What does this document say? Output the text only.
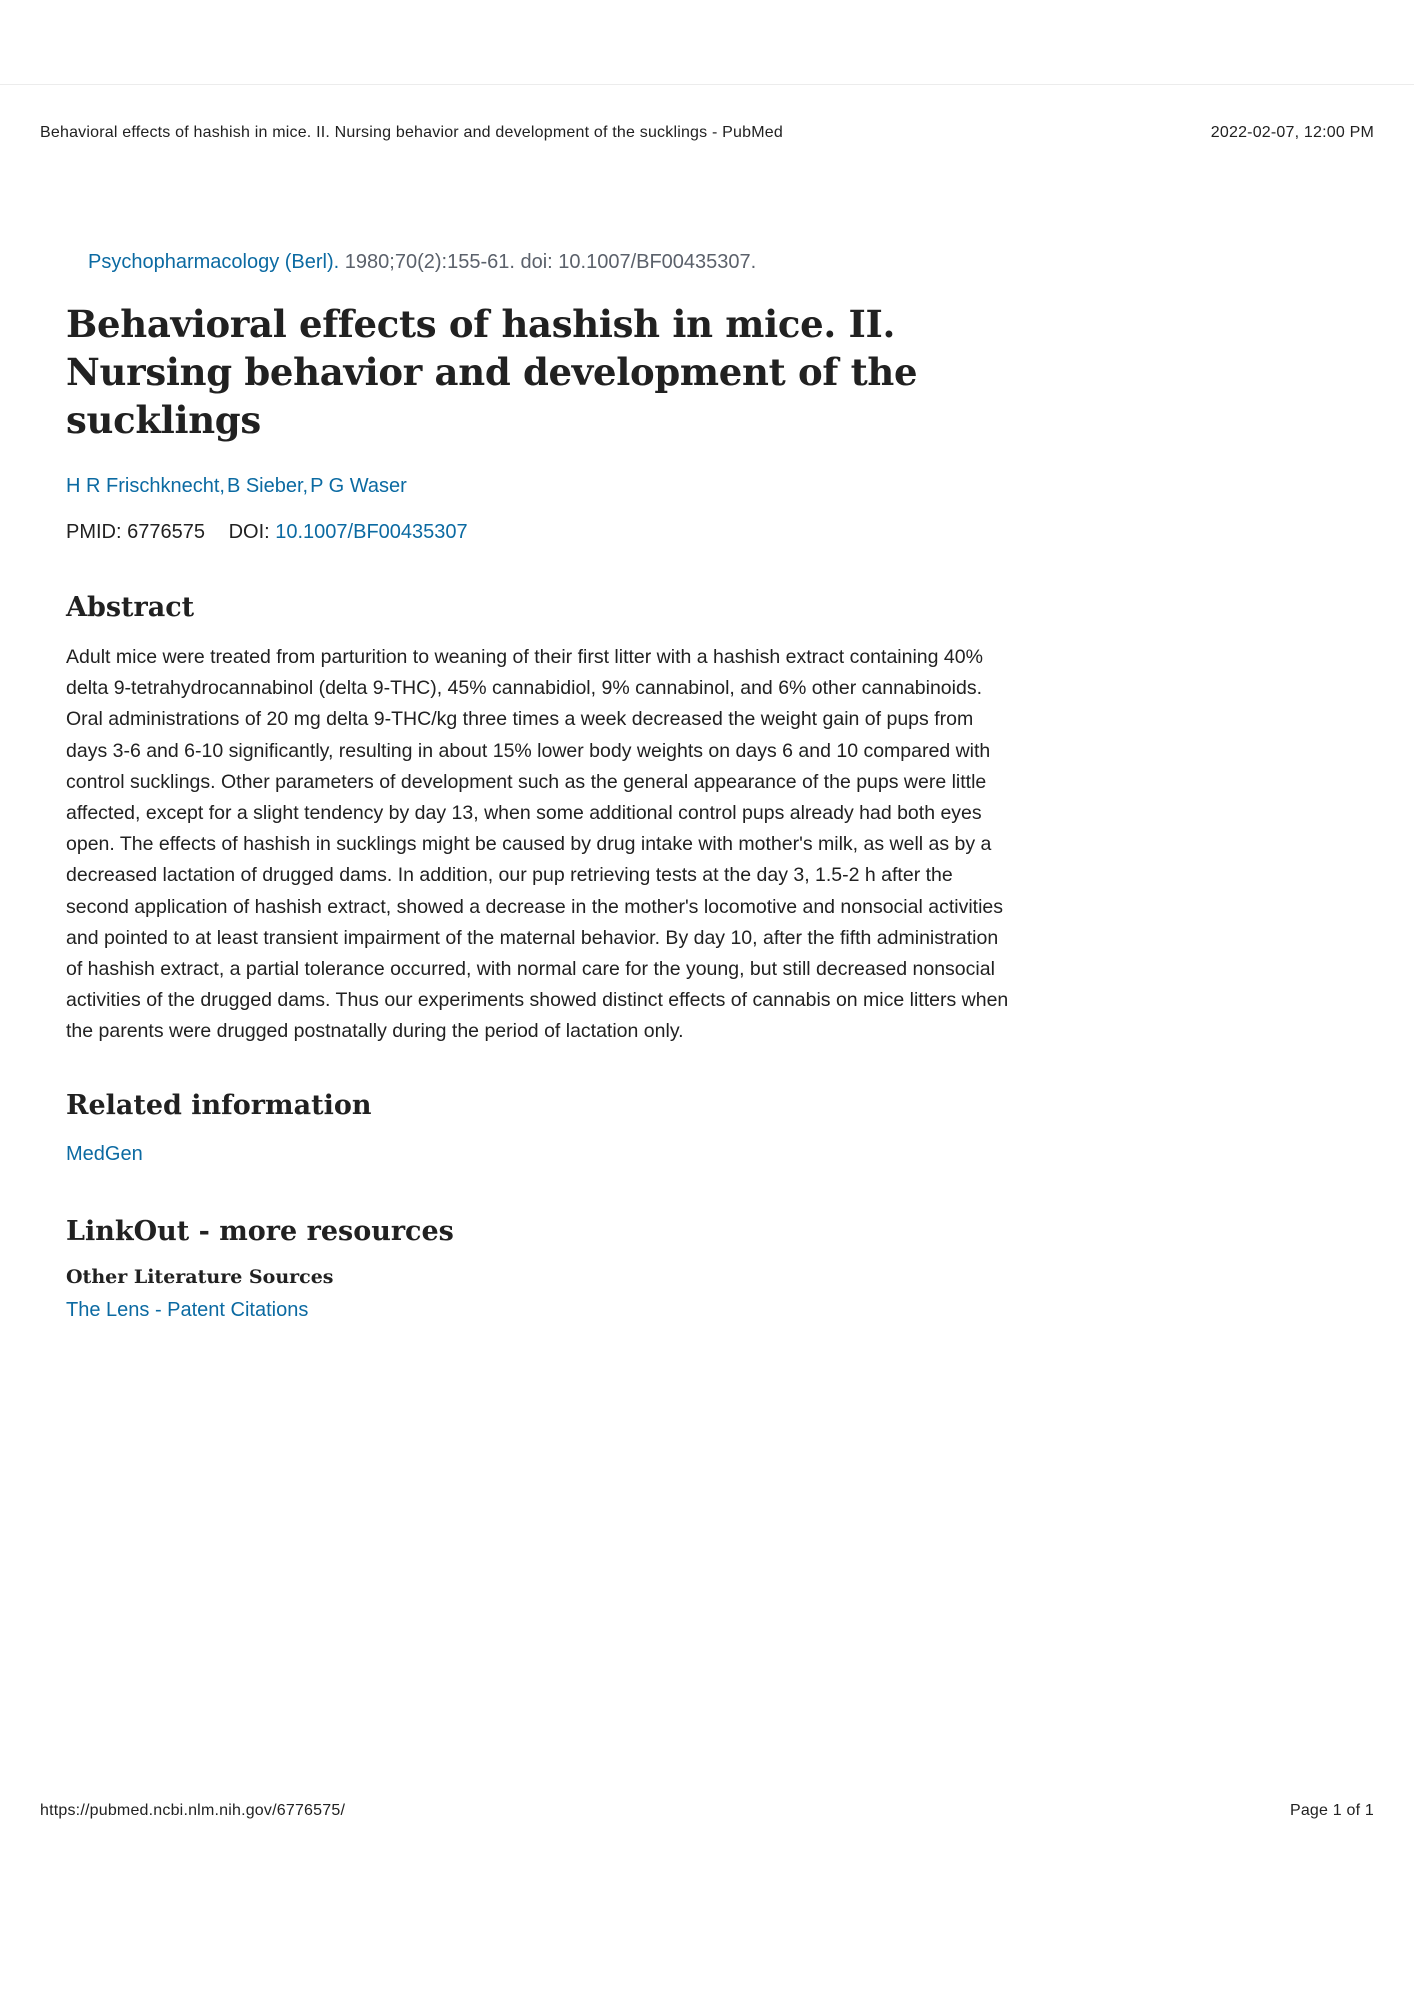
Behavioral effects of hashish in mice. II. Nursing behavior and development of the sucklings - PubMed	2022-02-07, 12:00 PM
Psychopharmacology (Berl). 1980;70(2):155-61. doi: 10.1007/BF00435307.
Behavioral effects of hashish in mice. II. Nursing behavior and development of the sucklings
H R Frischknecht, B Sieber, P G Waser
PMID: 6776575 DOI: 10.1007/BF00435307
Abstract

Adult mice were treated from parturition to weaning of their first litter with a hashish extract containing 40% delta 9-tetrahydrocannabinol (delta 9-THC), 45% cannabidiol, 9% cannabinol, and 6% other cannabinoids. Oral administrations of 20 mg delta 9-THC/kg three times a week decreased the weight gain of pups from days 3-6 and 6-10 significantly, resulting in about 15% lower body weights on days 6 and 10 compared with control sucklings. Other parameters of development such as the general appearance of the pups were little affected, except for a slight tendency by day 13, when some additional control pups already had both eyes open. The effects of hashish in sucklings might be caused by drug intake with mother's milk, as well as by a decreased lactation of drugged dams. In addition, our pup retrieving tests at the day 3, 1.5-2 h after the second application of hashish extract, showed a decrease in the mother's locomotive and nonsocial activities and pointed to at least transient impairment of the maternal behavior. By day 10, after the fifth administration of hashish extract, a partial tolerance occurred, with normal care for the young, but still decreased nonsocial activities of the drugged dams. Thus our experiments showed distinct effects of cannabis on mice litters when the parents were drugged postnatally during the period of lactation only.

Related information
MedGen
LinkOut - more resources
Other Literature Sources
The Lens - Patent Citations
https://pubmed.ncbi.nlm.nih.gov/6776575/	Page 1 of 1
